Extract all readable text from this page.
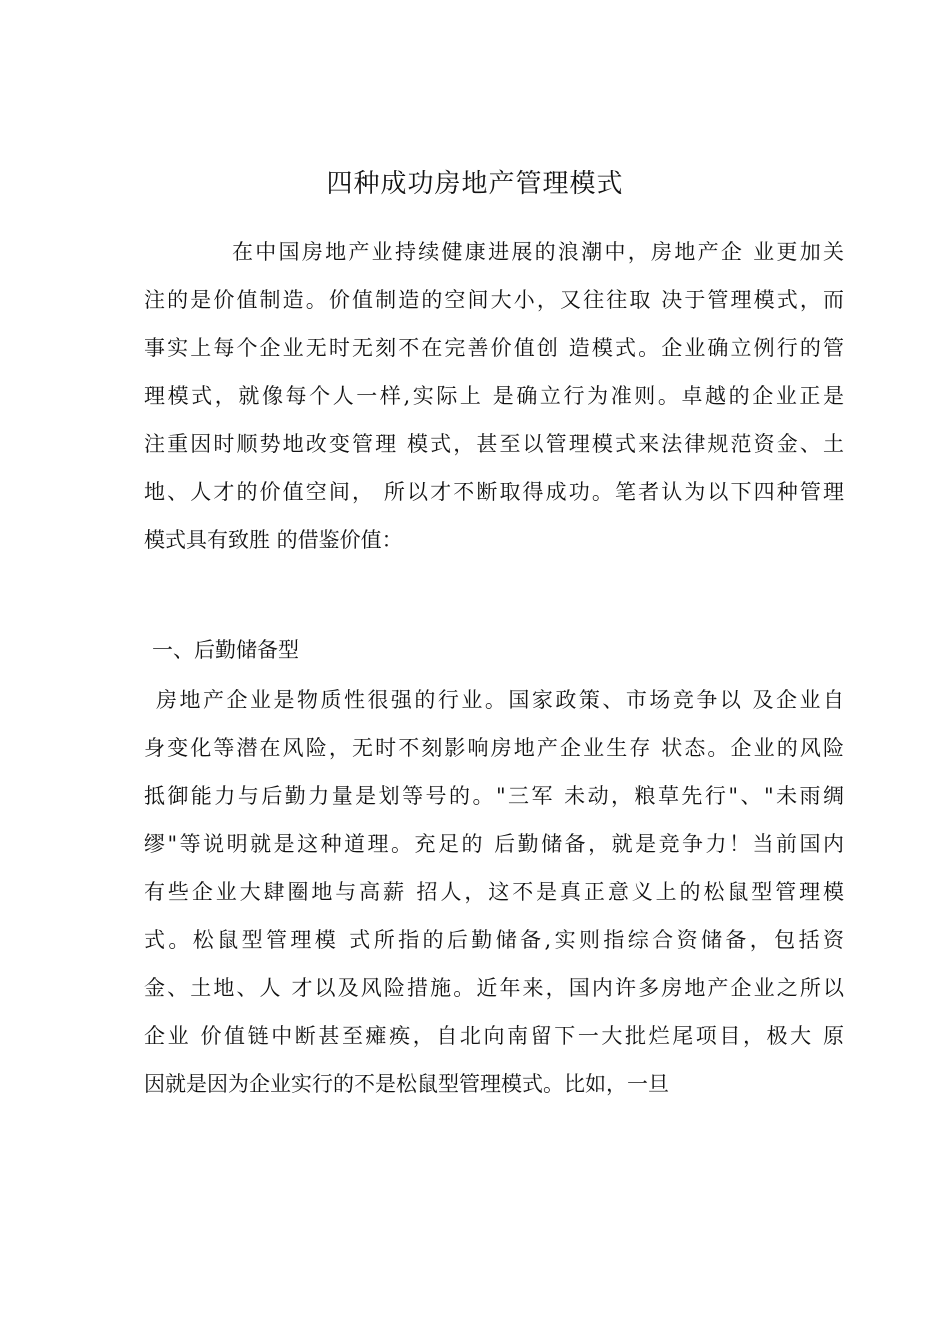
四种成功房地产管理模式
在中国房地产业持续健康进展的浪潮中，房地产企 业更加关
注的是价值制造。价值制造的空间大小，又往往取 决于管理模式，而
事实上每个企业无时无刻不在完善价值创 造模式。企业确立例行的管
理模式，就像每个人一样,实际上 是确立行为准则。卓越的企业正是
注重因时顺势地改变管理 模式，甚至以管理模式来法律规范资金、土
地、人才的价值空间， 所以才不断取得成功。笔者认为以下四种管理
模式具有致胜 的借鉴价值：
一、后勤储备型
房地产企业是物质性很强的行业。国家政策、市场竞争以 及企业自
身变化等潜在风险，无时不刻影响房地产企业生存 状态。企业的风险
抵御能力与后勤力量是划等号的。"三军 未动，粮草先行"、"未雨绸
缪"等说明就是这种道理。充足的 后勤储备，就是竞争力！当前国内
有些企业大肆圈地与高薪 招人，这不是真正意义上的松鼠型管理模
式。松鼠型管理模 式所指的后勤储备,实则指综合资储备，包括资
金、土地、人 才以及风险措施。近年来，国内许多房地产企业之所以
企业 价值链中断甚至瘫痪，自北向南留下一大批烂尾项目，极大 原
因就是因为企业实行的不是松鼠型管理模式。比如，一旦
